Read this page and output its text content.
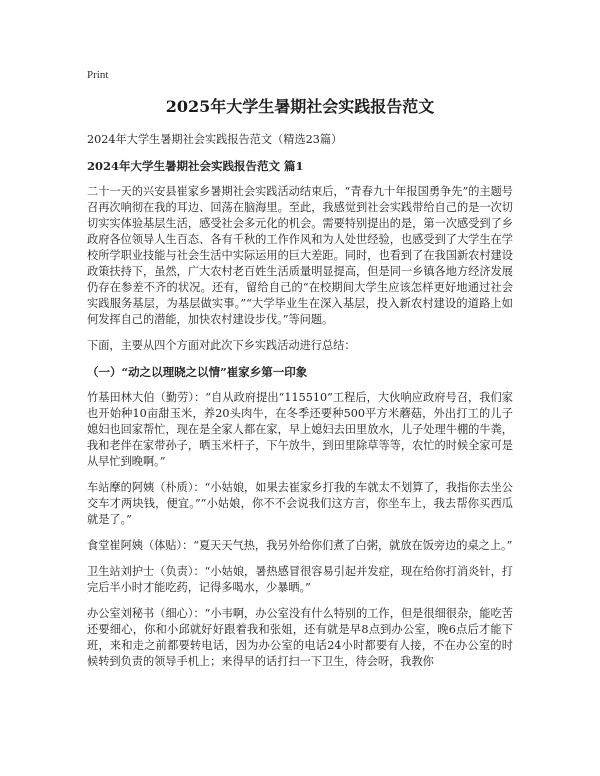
Print
2025年大学生暑期社会实践报告范文
2024年大学生暑期社会实践报告范文（精选23篇）
2024年大学生暑期社会实践报告范文 篇1
二十一天的兴安县崔家乡暑期社会实践活动结束后，“青春九十年报国勇争先”的主题号召再次响彻在我的耳边、回荡在脑海里。至此，我感觉到社会实践带给自己的是一次切切实实体验基层生活，感受社会多元化的机会。需要特别提出的是，第一次感受到了乡政府各位领导人生百态、各有千秋的工作作风和为人处世经验，也感受到了大学生在学校所学职业技能与社会生活中实际运用的巨大差距。同时，也看到了在我国新农村建设政策扶持下，虽然，广大农村老百姓生活质量明显提高，但是同一乡镇各地方经济发展仍存在参差不齐的状况。还有，留给自己的“在校期间大学生应该怎样更好地通过社会实践服务基层，为基层做实事。”“大学毕业生在深入基层，投入新农村建设的道路上如何发挥自己的潜能，加快农村建设步伐。”等问题。
下面，主要从四个方面对此次下乡实践活动进行总结：
（一）“动之以理晓之以情”崔家乡第一印象
竹基田林大伯（勤劳）：“自从政府提出“115510”工程后，大伙响应政府号召，我们家也开始种10亩甜玉米，养20头肉牛，在冬季还要种500平方米蘑菇，外出打工的儿子媳妇也回家帮忙，现在是全家人都在家，早上媳妇去田里放水，儿子处理牛棚的牛粪，我和老伴在家带孙子，晒玉米杆子，下午放牛，到田里除草等等，农忙的时候全家可是从早忙到晚啊。”
车站摩的阿姨（朴质）：“小姑娘，如果去崔家乡打我的车就太不划算了，我指你去坐公交车才两块钱，便宜。”“小姑娘，你不不会说我们这方言，你坐车上，我去帮你买西瓜就是了。”
食堂崔阿姨（体贴）：“夏天天气热，我另外给你们煮了白粥，就放在饭旁边的桌之上。”
卫生站刘护士（负责）：“小姑娘，暑热感冒很容易引起并发症，现在给你打消炎针，打完后半小时才能吃药，记得多喝水，少暴晒。”
办公室刘秘书（细心）：“小韦啊，办公室没有什么特别的工作，但是很细很杂，能吃苦还要细心，你和小邱就好好跟着我和张姐，还有就是早8点到办公室，晚6点后才能下班，来和走之前都要转电话，因为办公室的电话24小时都要有人接，不在办公室的时候转到负责的领导手机上；来得早的话打扫一下卫生，待会呀，我教你
